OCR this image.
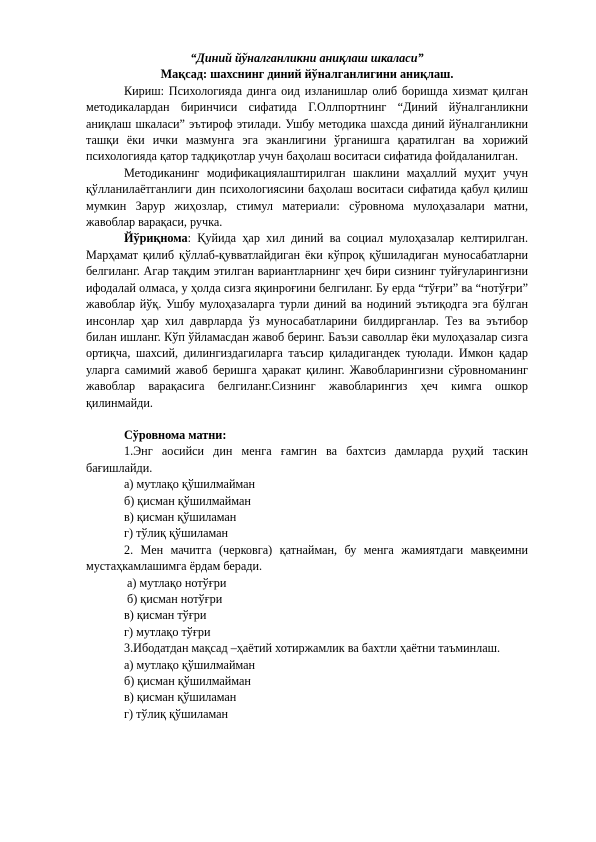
“Диний йўналганликни аниқлаш шкаласи”

Мақсад: шахснинг диний йўналганлигини аниқлаш.

Кириш: Психологияда динга оид изланишлар олиб боришда хизмат қилган методикалардан биринчиси сифатида Г.Оллпортнинг “Диний йўналганликни аниқлаш шкаласи” эътироф этилади. Ушбу методика шахсда диний йўналганликни ташқи ёки ички мазмунга эга эканлигини ўрганишга қаратилган ва хорижий психологияда қатор тадқиқотлар учун баҳолаш воситаси сифатида фойдаланилган.

Методиканинг модификациялаштирилган шаклини маҳаллий муҳит учун қўлланилаётганлиги дин психологиясини баҳолаш воситаси сифатида қабул қилиш мумкин Зарур жиҳозлар, стимул материали: сўровнома мулоҳазалари матни, жавоблар варақаси, ручка.

Йўриқнома: Қуйида ҳар хил диний ва социал мулоҳазалар келтирилган. Марҳамат қилиб қўллаб-қувватлайдиган ёки кўпроқ қўшиладиган муносабатларни белгиланг. Агар тақдим этилган вариантларнинг ҳеч бири сизнинг туйғуларингизни ифодалай олмаса, у ҳолда сизга яқинроғини белгиланг. Бу ерда “тўғри” ва “нотўғри” жавоблар йўқ. Ушбу мулоҳазаларга турли диний ва нодиний эътиқодга эга бўлган инсонлар ҳар хил даврларда ўз муносабатларини билдирганлар. Тез ва эътибор билан ишланг. Кўп ўйламасдан жавоб беринг. Баъзи саволлар ёки мулоҳазалар сизга ортиқча, шахсий, дилингиздагиларга таъсир қиладигандек туюлади. Имкон қадар уларга самимий жавоб беришга ҳаракат қилинг. Жавобларингизни сўровноманинг жавоблар варақасига белгиланг.Сизнинг жавобларингиз ҳеч кимга ошкор қилинмайди.

Сўровнома матни:

1.Энг аосийси дин менга ғамгин ва бахтсиз дамларда руҳий таскин бағишлайди.

а) мутлақо қўшилмайман

б) қисман қўшилмайман

в) қисман қўшиламан

г) тўлиқ қўшиламан

2. Мен мачитга (черковга) қатнайман, бу менга жамиятдаги мавқеимни мустаҳкамлашимга ёрдам беради.

а) мутлақо нотўғри

б) қисман нотўғри

в) қисман тўғри

г) мутлақо тўғри

3.Ибодатдан мақсад –ҳаётий хотиржамлик ва бахтли ҳаётни таъминлаш.

а) мутлақо қўшилмайман

б) қисман қўшилмайман

в) қисман қўшиламан

г) тўлиқ қўшиламан
